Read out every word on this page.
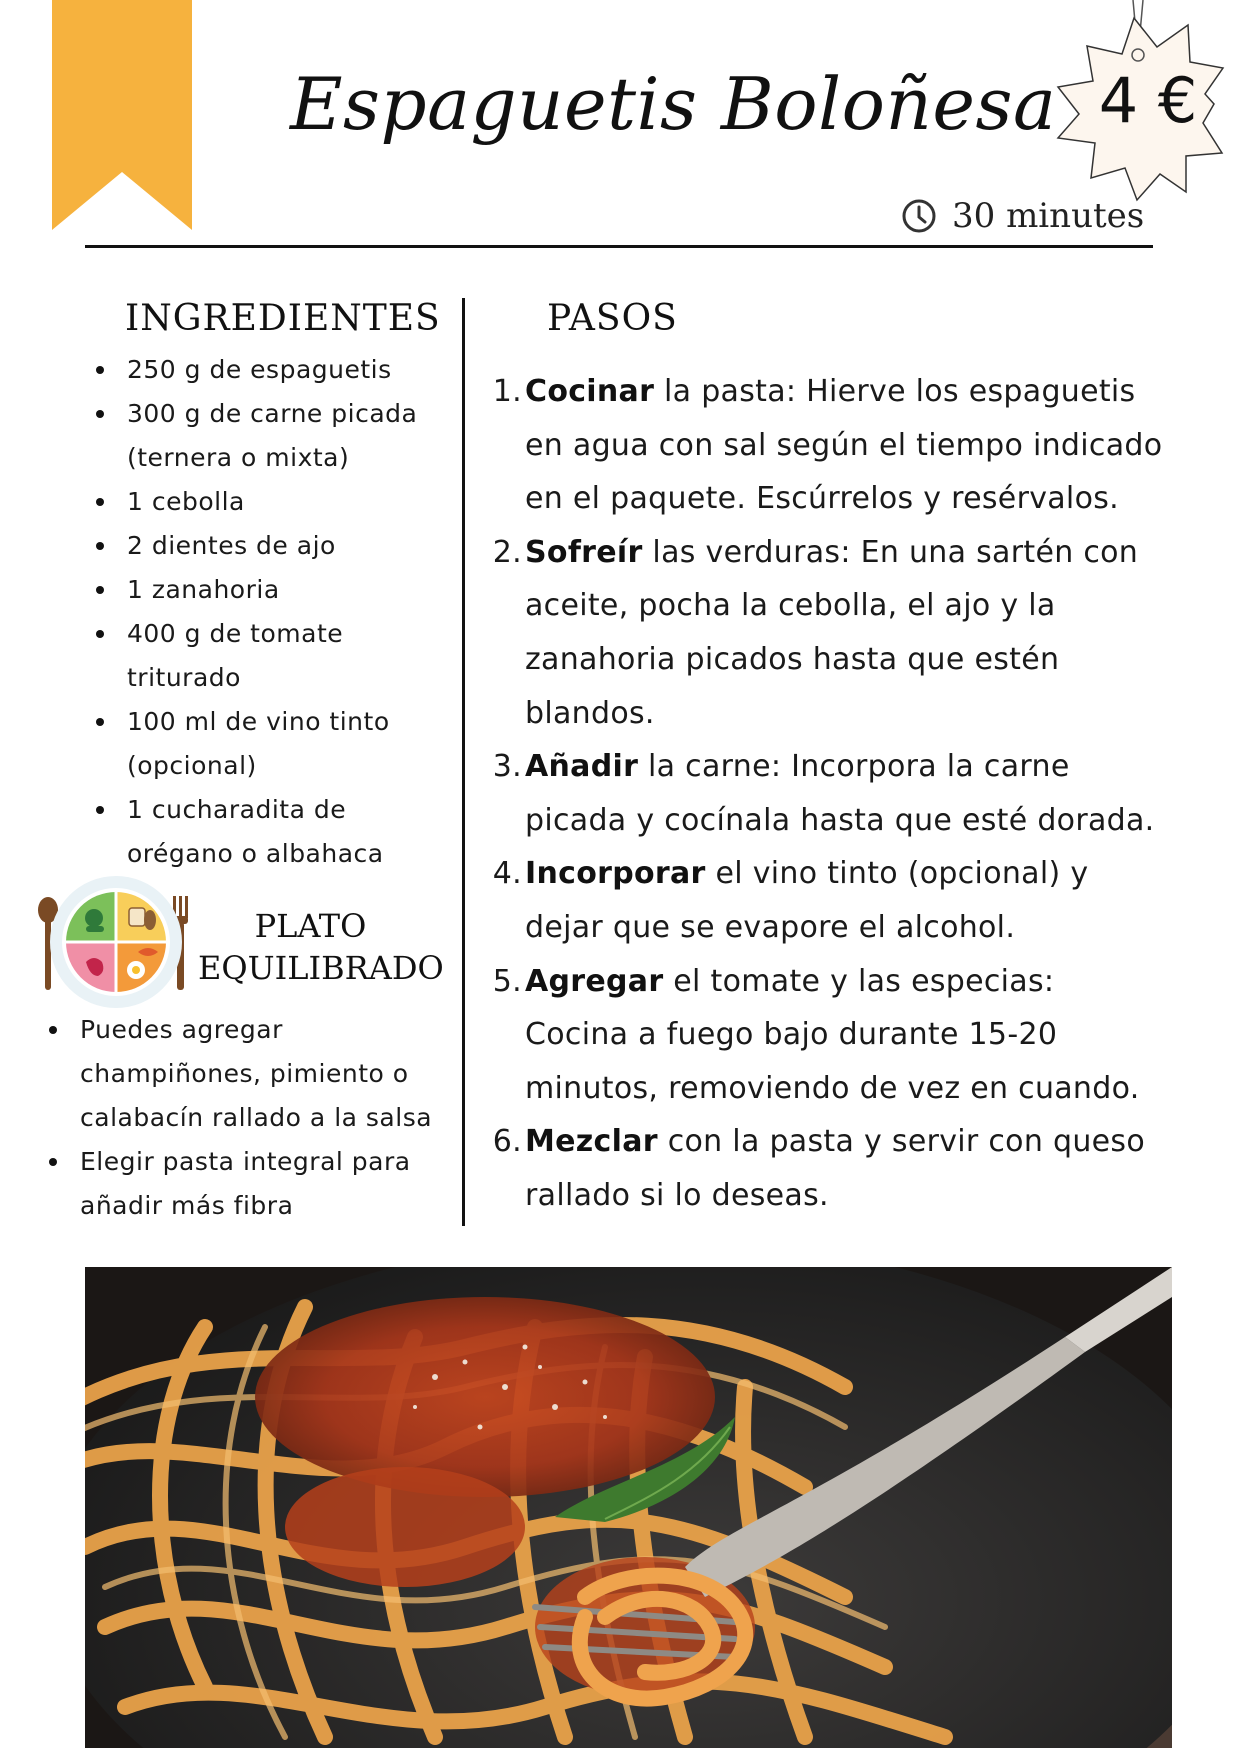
Espaguetis Boloñesa 4 €
30 minutes
INGREDIENTES
250 g de espaguetis
300 g de carne picada (ternera o mixta)
1 cebolla
2 dientes de ajo
1 zanahoria
400 g de tomate triturado
100 ml de vino tinto (opcional)
1 cucharadita de orégano o albahaca
PLATO EQUILIBRADO
Puedes agregar champiñones, pimiento o calabacín rallado a la salsa
Elegir pasta integral para añadir más fibra
PASOS
1. Cocinar la pasta: Hierve los espaguetis en agua con sal según el tiempo indicado en el paquete. Escúrrelos y resérvalos.
2. Sofreír las verduras: En una sartén con aceite, pocha la cebolla, el ajo y la zanahoria picados hasta que estén blandos.
3. Añadir la carne: Incorpora la carne picada y cocínala hasta que esté dorada.
4. Incorporar el vino tinto (opcional) y dejar que se evapore el alcohol.
5. Agregar el tomate y las especias: Cocina a fuego bajo durante 15-20 minutos, removiendo de vez en cuando.
6. Mezclar con la pasta y servir con queso rallado si lo deseas.
